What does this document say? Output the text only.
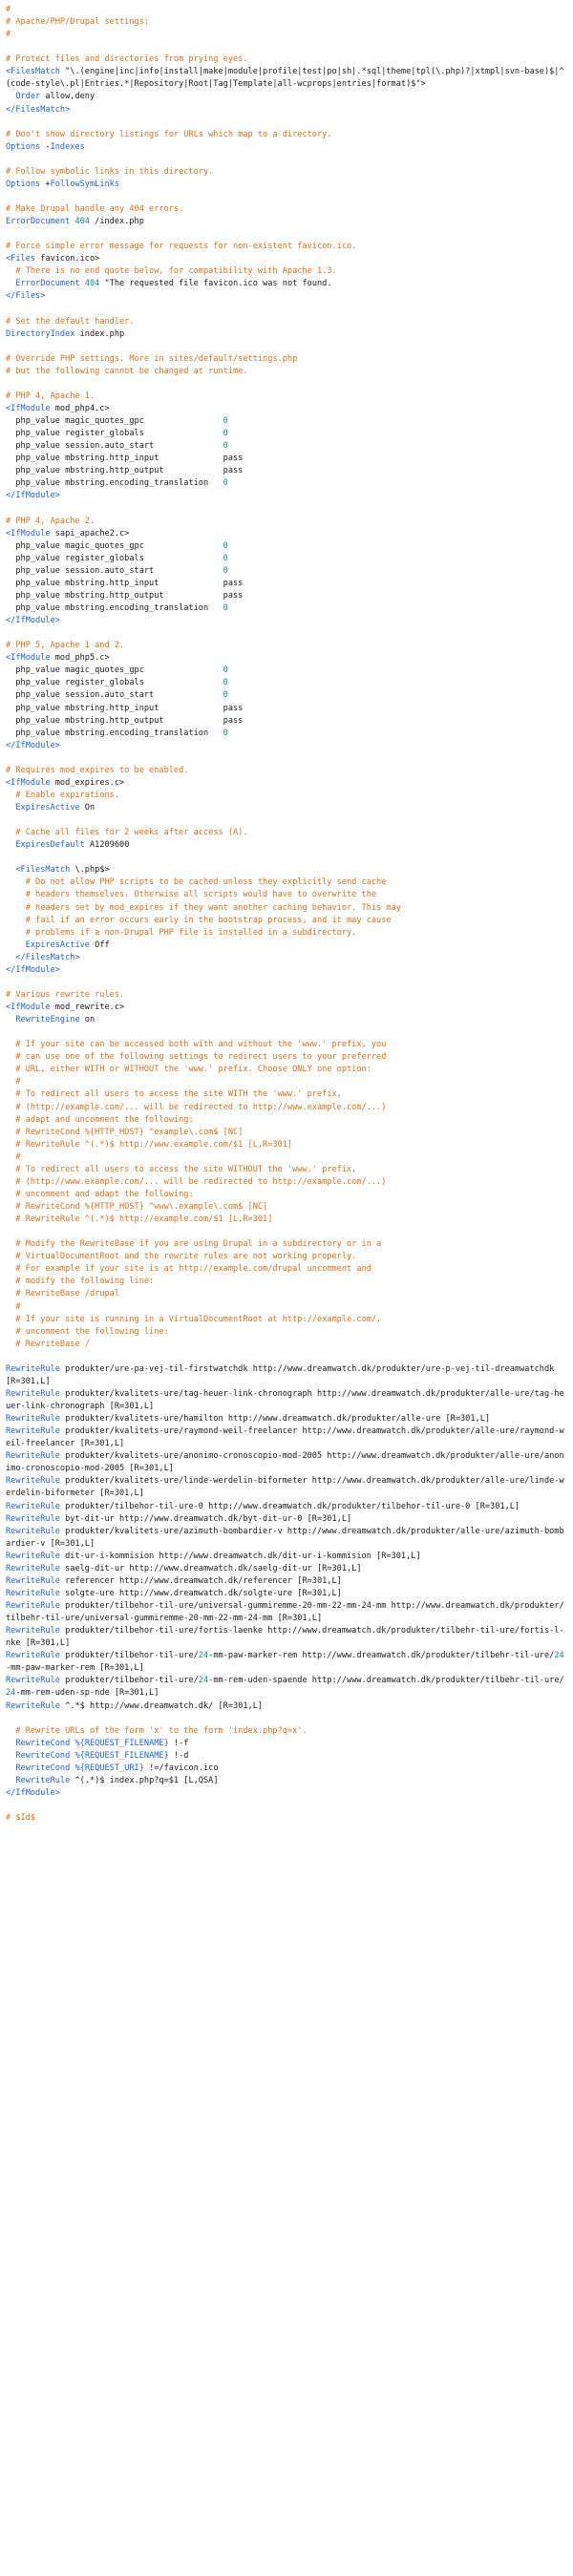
#
# Apache/PHP/Drupal settings:
#

# Protect files and directories from prying eyes.
<FilesMatch "\.(engine|inc|info|install|make|module|profile|test|po|sh|.*sql|theme|tpl(\.php)?|xtmpl|svn-base)$|^(code-style\.pl|Entries.*|Repository|Root|Tag|Template|all-wcprops|entries|format)$">
Order allow,deny
</FilesMatch>

# Don't show directory listings for URLs which map to a directory.
Options -Indexes

# Follow symbolic links in this directory.
Options +FollowSymLinks

# Make Drupal handle any 404 errors.
ErrorDocument 404 /index.php

# Force simple error message for requests for non-existent favicon.ico.
<Files favicon.ico>
# There is no end quote below, for compatibility with Apache 1.3.
ErrorDocument 404 "The requested file favicon.ico was not found.
</Files>

# Set the default handler.
DirectoryIndex index.php

# Override PHP settings. More in sites/default/settings.php
# but the following cannot be changed at runtime.

# PHP 4, Apache 1.
<IfModule mod_php4.c>
php_value magic_quotes_gpc                0
php_value register_globals                0
php_value session.auto_start              0
php_value mbstring.http_input             pass
php_value mbstring.http_output            pass
php_value mbstring.encoding_translation   0
</IfModule>

# PHP 4, Apache 2.
<IfModule sapi_apache2.c>
php_value magic_quotes_gpc                0
php_value register_globals                0
php_value session.auto_start              0
php_value mbstring.http_input             pass
php_value mbstring.http_output            pass
php_value mbstring.encoding_translation   0
</IfModule>

# PHP 5, Apache 1 and 2.
<IfModule mod_php5.c>
php_value magic_quotes_gpc                0
php_value register_globals                0
php_value session.auto_start              0
php_value mbstring.http_input             pass
php_value mbstring.http_output            pass
php_value mbstring.encoding_translation   0
</IfModule>

# Requires mod_expires to be enabled.
<IfModule mod_expires.c>
# Enable expirations.
ExpiresActive On

# Cache all files for 2 weeks after access (A).
ExpiresDefault A1209600

<FilesMatch \.php$>
# Do not allow PHP scripts to be cached unless they explicitly send cache
# headers themselves. Otherwise all scripts would have to overwrite the
# headers set by mod_expires if they want another caching behavior. This may
# fail if an error occurs early in the bootstrap process, and it may cause
# problems if a non-Drupal PHP file is installed in a subdirectory.
ExpiresActive Off
</FilesMatch>
</IfModule>

# Various rewrite rules.
<IfModule mod_rewrite.c>
RewriteEngine on

# If your site can be accessed both with and without the 'www.' prefix, you
# can use one of the following settings to redirect users to your preferred
# URL, either WITH or WITHOUT the 'www.' prefix. Choose ONLY one option:
#
# To redirect all users to access the site WITH the 'www.' prefix,
# (http://example.com/... will be redirected to http://www.example.com/...)
# adapt and uncomment the following:
# RewriteCond %{HTTP_HOST} ^example\.com$ [NC]
# RewriteRule ^(.*)$ http://www.example.com/$1 [L,R=301]
#
# To redirect all users to access the site WITHOUT the 'www.' prefix,
# (http://www.example.com/... will be redirected to http://example.com/...)
# uncomment and adapt the following:
# RewriteCond %{HTTP_HOST} ^www\.example\.com$ [NC]
# RewriteRule ^(.*)$ http://example.com/$1 [L,R=301]

# Modify the RewriteBase if you are using Drupal in a subdirectory or in a
# VirtualDocumentRoot and the rewrite rules are not working properly.
# For example if your site is at http://example.com/drupal uncomment and
# modify the following line:
# RewriteBase /drupal
#
# If your site is running in a VirtualDocumentRoot at http://example.com/,
# uncomment the following line:
# RewriteBase /

RewriteRule produkter/ure-pa-vej-til-firstwatchdk http://www.dreamwatch.dk/produkter/ure-p-vej-til-dreamwatchdk [R=301,L]
RewriteRule produkter/kvalitets-ure/tag-heuer-link-chronograph http://www.dreamwatch.dk/produkter/alle-ure/tag-heuer-link-chronograph [R=301,L]
RewriteRule produkter/kvalitets-ure/hamilton http://www.dreamwatch.dk/produkter/alle-ure [R=301,L]
RewriteRule produkter/kvalitets-ure/raymond-weil-freelancer http://www.dreamwatch.dk/produkter/alle-ure/raymond-weil-freelancer [R=301,L]
RewriteRule produkter/kvalitets-ure/anonimo-cronoscopio-mod-2005 http://www.dreamwatch.dk/produkter/alle-ure/anonimo-cronoscopio-mod-2005 [R=301,L]
RewriteRule produkter/kvalitets-ure/linde-werdelin-biformeter http://www.dreamwatch.dk/produkter/alle-ure/linde-werdelin-biformeter [R=301,L]
RewriteRule produkter/tilbehor-til-ure-0 http://www.dreamwatch.dk/produkter/tilbehor-til-ure-0 [R=301,L]
RewriteRule byt-dit-ur http://www.dreamwatch.dk/byt-dit-ur-0 [R=301,L]
RewriteRule produkter/kvalitets-ure/azimuth-bombardier-v http://www.dreamwatch.dk/produkter/alle-ure/azimuth-bombardier-v [R=301,L]
RewriteRule dit-ur-i-kommision http://www.dreamwatch.dk/dit-ur-i-kommision [R=301,L]
RewriteRule saelg-dit-ur http://www.dreamwatch.dk/saelg-dit-ur [R=301,L]
RewriteRule referencer http://www.dreamwatch.dk/referencer [R=301,L]
RewriteRule solgte-ure http://www.dreamwatch.dk/solgte-ure [R=301,L]
RewriteRule produkter/tilbehor-til-ure/universal-gummiremme-20-mm-22-mm-24-mm http://www.dreamwatch.dk/produkter/tilbehr-til-ure/universal-gummiremme-20-mm-22-mm-24-mm [R=301,L]
RewriteRule produkter/tilbehor-til-ure/fortis-laenke http://www.dreamwatch.dk/produkter/tilbehr-til-ure/fortis-l-nke [R=301,L]
RewriteRule produkter/tilbehor-til-ure/24-mm-paw-marker-rem http://www.dreamwatch.dk/produkter/tilbehr-til-ure/24-mm-paw-marker-rem [R=301,L]
RewriteRule produkter/tilbehor-til-ure/24-mm-rem-uden-spaende http://www.dreamwatch.dk/produkter/tilbehr-til-ure/24-mm-rem-uden-sp-nde [R=301,L]
RewriteRule ^.*$ http://www.dreamwatch.dk/ [R=301,L]

# Rewrite URLs of the form 'x' to the form 'index.php?q=x'.
RewriteCond %{REQUEST_FILENAME} !-f
RewriteCond %{REQUEST_FILENAME} !-d
RewriteCond %{REQUEST_URI} !=/favicon.ico
RewriteRule ^(.*)$ index.php?q=$1 [L,QSA]
</IfModule>

# $Id$
